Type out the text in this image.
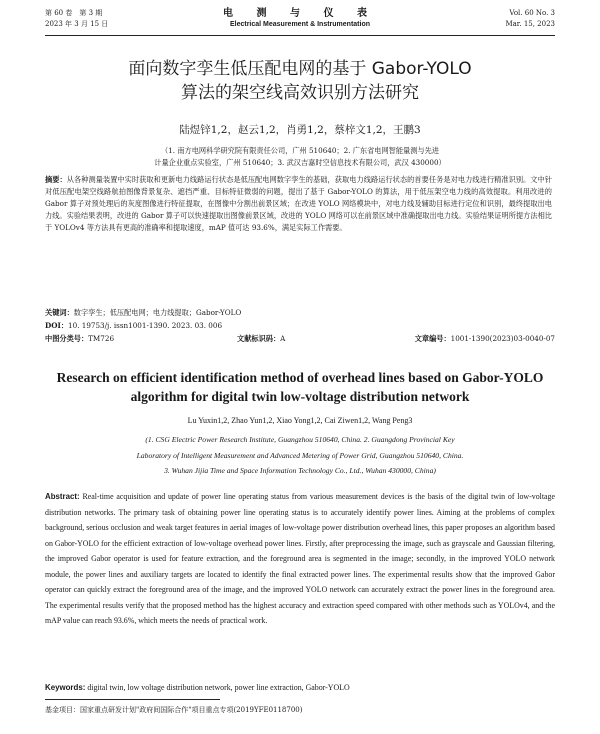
第 60 卷　第 3 期
2023 年 3 月 15 日
电 测 与 仪 表
Electrical Measurement & Instrumentation
Vol. 60 No. 3
Mar. 15, 2023
面向数字孪生低压配电网的基于 Gabor-YOLO
算法的架空线高效识别方法研究
陆煜锌1,2，赵云1,2，肖勇1,2，蔡梓文1,2，王鹏3
（1. 南方电网科学研究院有限责任公司，广州 510640；2. 广东省电网智能量测与先进
计量企业重点实验室，广州 510640；3. 武汉吉嘉时空信息技术有限公司，武汉 430000）
摘要：从各种测量装置中实时获取和更新电力线路运行状态是低压配电网数字孪生的基础，获取电力线路运行状态的首要任务是对电力线进行精准识别。文中针对低压配电架空线路航拍图像背景复杂、遮挡严重、目标特征微弱的问题，提出了基于 Gabor-YOLO 的算法，用于低压架空电力线的高效提取。利用改进的 Gabor 算子对预处理后的灰度图像进行特征提取，在图像中分割出前景区域；在改进 YOLO 网络模块中，对电力线及辅助目标进行定位和识别，最终提取出电力线。实验结果表明，改进的 Gabor 算子可以快速提取出图像前景区域，改进的 YOLO 网络可以在前景区域中准确提取出电力线。实验结果证明所提方法相比于 YOLOv4 等方法具有更高的准确率和提取速度，mAP 值可达 93.6%，满足实际工作需要。
关键词：数字孪生；低压配电网；电力线提取；Gabor-YOLO
DOI：10. 19753/j. issn1001-1390. 2023. 03. 006
中图分类号：TM726	文献标识码：A	文章编号：1001-1390(2023)03-0040-07
Research on efficient identification method of overhead lines based on Gabor-YOLO
algorithm for digital twin low-voltage distribution network
Lu Yuxin1,2, Zhao Yun1,2, Xiao Yong1,2, Cai Ziwen1,2, Wang Peng3
(1. CSG Electric Power Research Institute, Guangzhou 510640, China. 2. Guangdong Provincial Key
Laboratory of Intelligent Measurement and Advanced Metering of Power Grid, Guangzhou 510640, China.
3. Wuhan Jijia Time and Space Information Technology Co., Ltd., Wuhan 430000, China)
Abstract: Real-time acquisition and update of power line operating status from various measurement devices is the basis of the digital twin of low-voltage distribution networks. The primary task of obtaining power line operating status is to accurately identify power lines. Aiming at the problems of complex background, serious occlusion and weak target features in aerial images of low-voltage power distribution overhead lines, this paper proposes an algorithm based on Gabor-YOLO for the efficient extraction of low-voltage overhead power lines. Firstly, after preprocessing the image, such as grayscale and Gaussian filtering, the improved Gabor operator is used for feature extraction, and the foreground area is segmented in the image; secondly, in the improved YOLO network module, the power lines and auxiliary targets are located to identify the final extracted power lines. The experimental results show that the improved Gabor operator can quickly extract the foreground area of the image, and the improved YOLO network can accurately extract the power lines in the foreground area. The experimental results verify that the proposed method has the highest accuracy and extraction speed compared with other methods such as YOLOv4, and the mAP value can reach 93.6%, which meets the needs of practical work.
Keywords: digital twin, low voltage distribution network, power line extraction, Gabor-YOLO
基金项目：国家重点研发计划"政府间国际合作"项目重点专项(2019YFE0118700)
